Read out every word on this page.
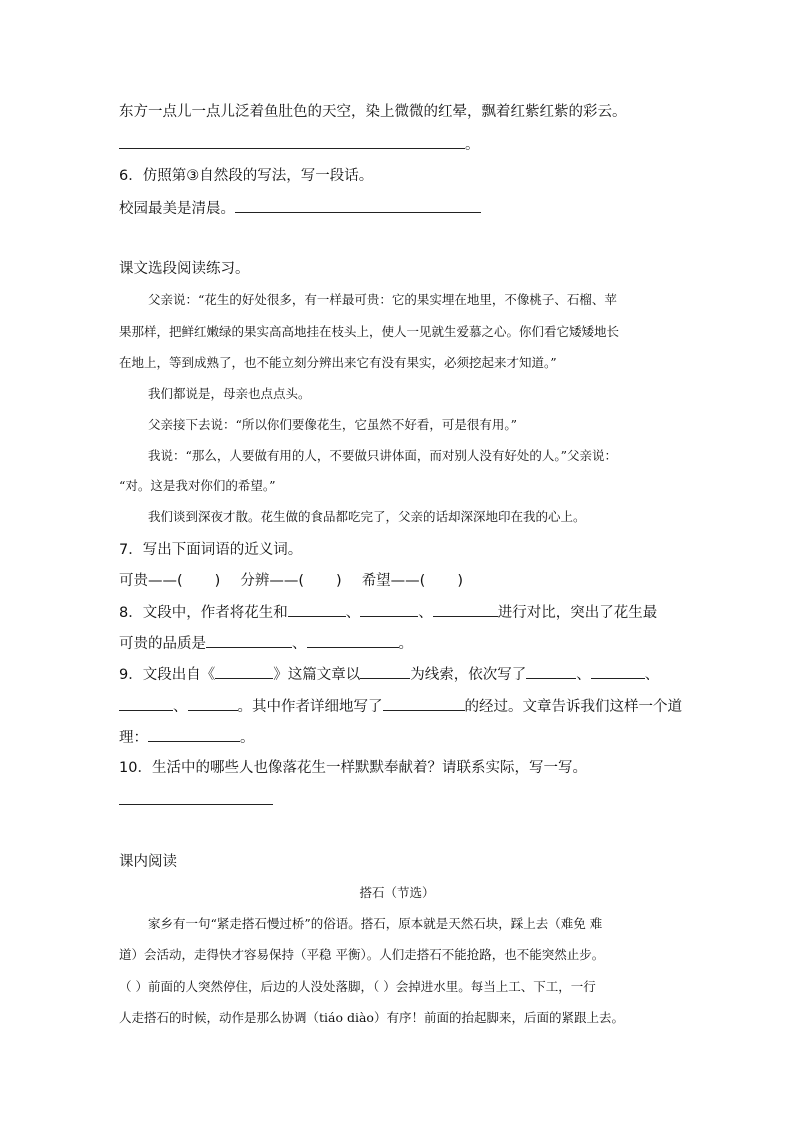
东方一点儿一点儿泛着鱼肚色的天空，染上微微的红晕，飘着红紫红紫的彩云。
。
6．仿照第③自然段的写法，写一段话。
校园最美是清晨。
课文选段阅读练习。
父亲说：“花生的好处很多，有一样最可贵：它的果实埋在地里，不像桃子、石榴、苹
果那样，把鲜红嫩绿的果实高高地挂在枝头上，使人一见就生爱慕之心。你们看它矮矮地长
在地上，等到成熟了，也不能立刻分辨出来它有没有果实，必须挖起来才知道。”
我们都说是，母亲也点点头。
父亲接下去说：“所以你们要像花生，它虽然不好看，可是很有用。”
我说：“那么，人要做有用的人，不要做只讲体面，而对别人没有好处的人。”父亲说：
“对。这是我对你们的希望。”
我们谈到深夜才散。花生做的食品都吃完了，父亲的话却深深地印在我的心上。
7．写出下面词语的近义词。
可贵——( ) 分辨——( ) 希望——( )
8．文段中，作者将花生和	、	、	进行对比，突出了花生最
可贵的品质是	、	。
9．文段出自《	》这篇文章以	为线索，依次写了	、	、
、	。其中作者详细地写了	的经过。文章告诉我们这样一个道
理：	。
10．生活中的哪些人也像落花生一样默默奉献着？请联系实际，写一写。
课内阅读
搭石（节选）
家乡有一句“紧走搭石慢过桥”的俗语。搭石，原本就是天然石块，踩上去（难免 难
道）会活动，走得快才容易保持（平稳 平衡）。人们走搭石不能抢路，也不能突然止步。
（ ）前面的人突然停住，后边的人没处落脚，（ ）会掉进水里。每当上工、下工，一行
人走搭石的时候，动作是那么协调（tiáo diào）有序！前面的抬起脚来，后面的紧跟上去。
